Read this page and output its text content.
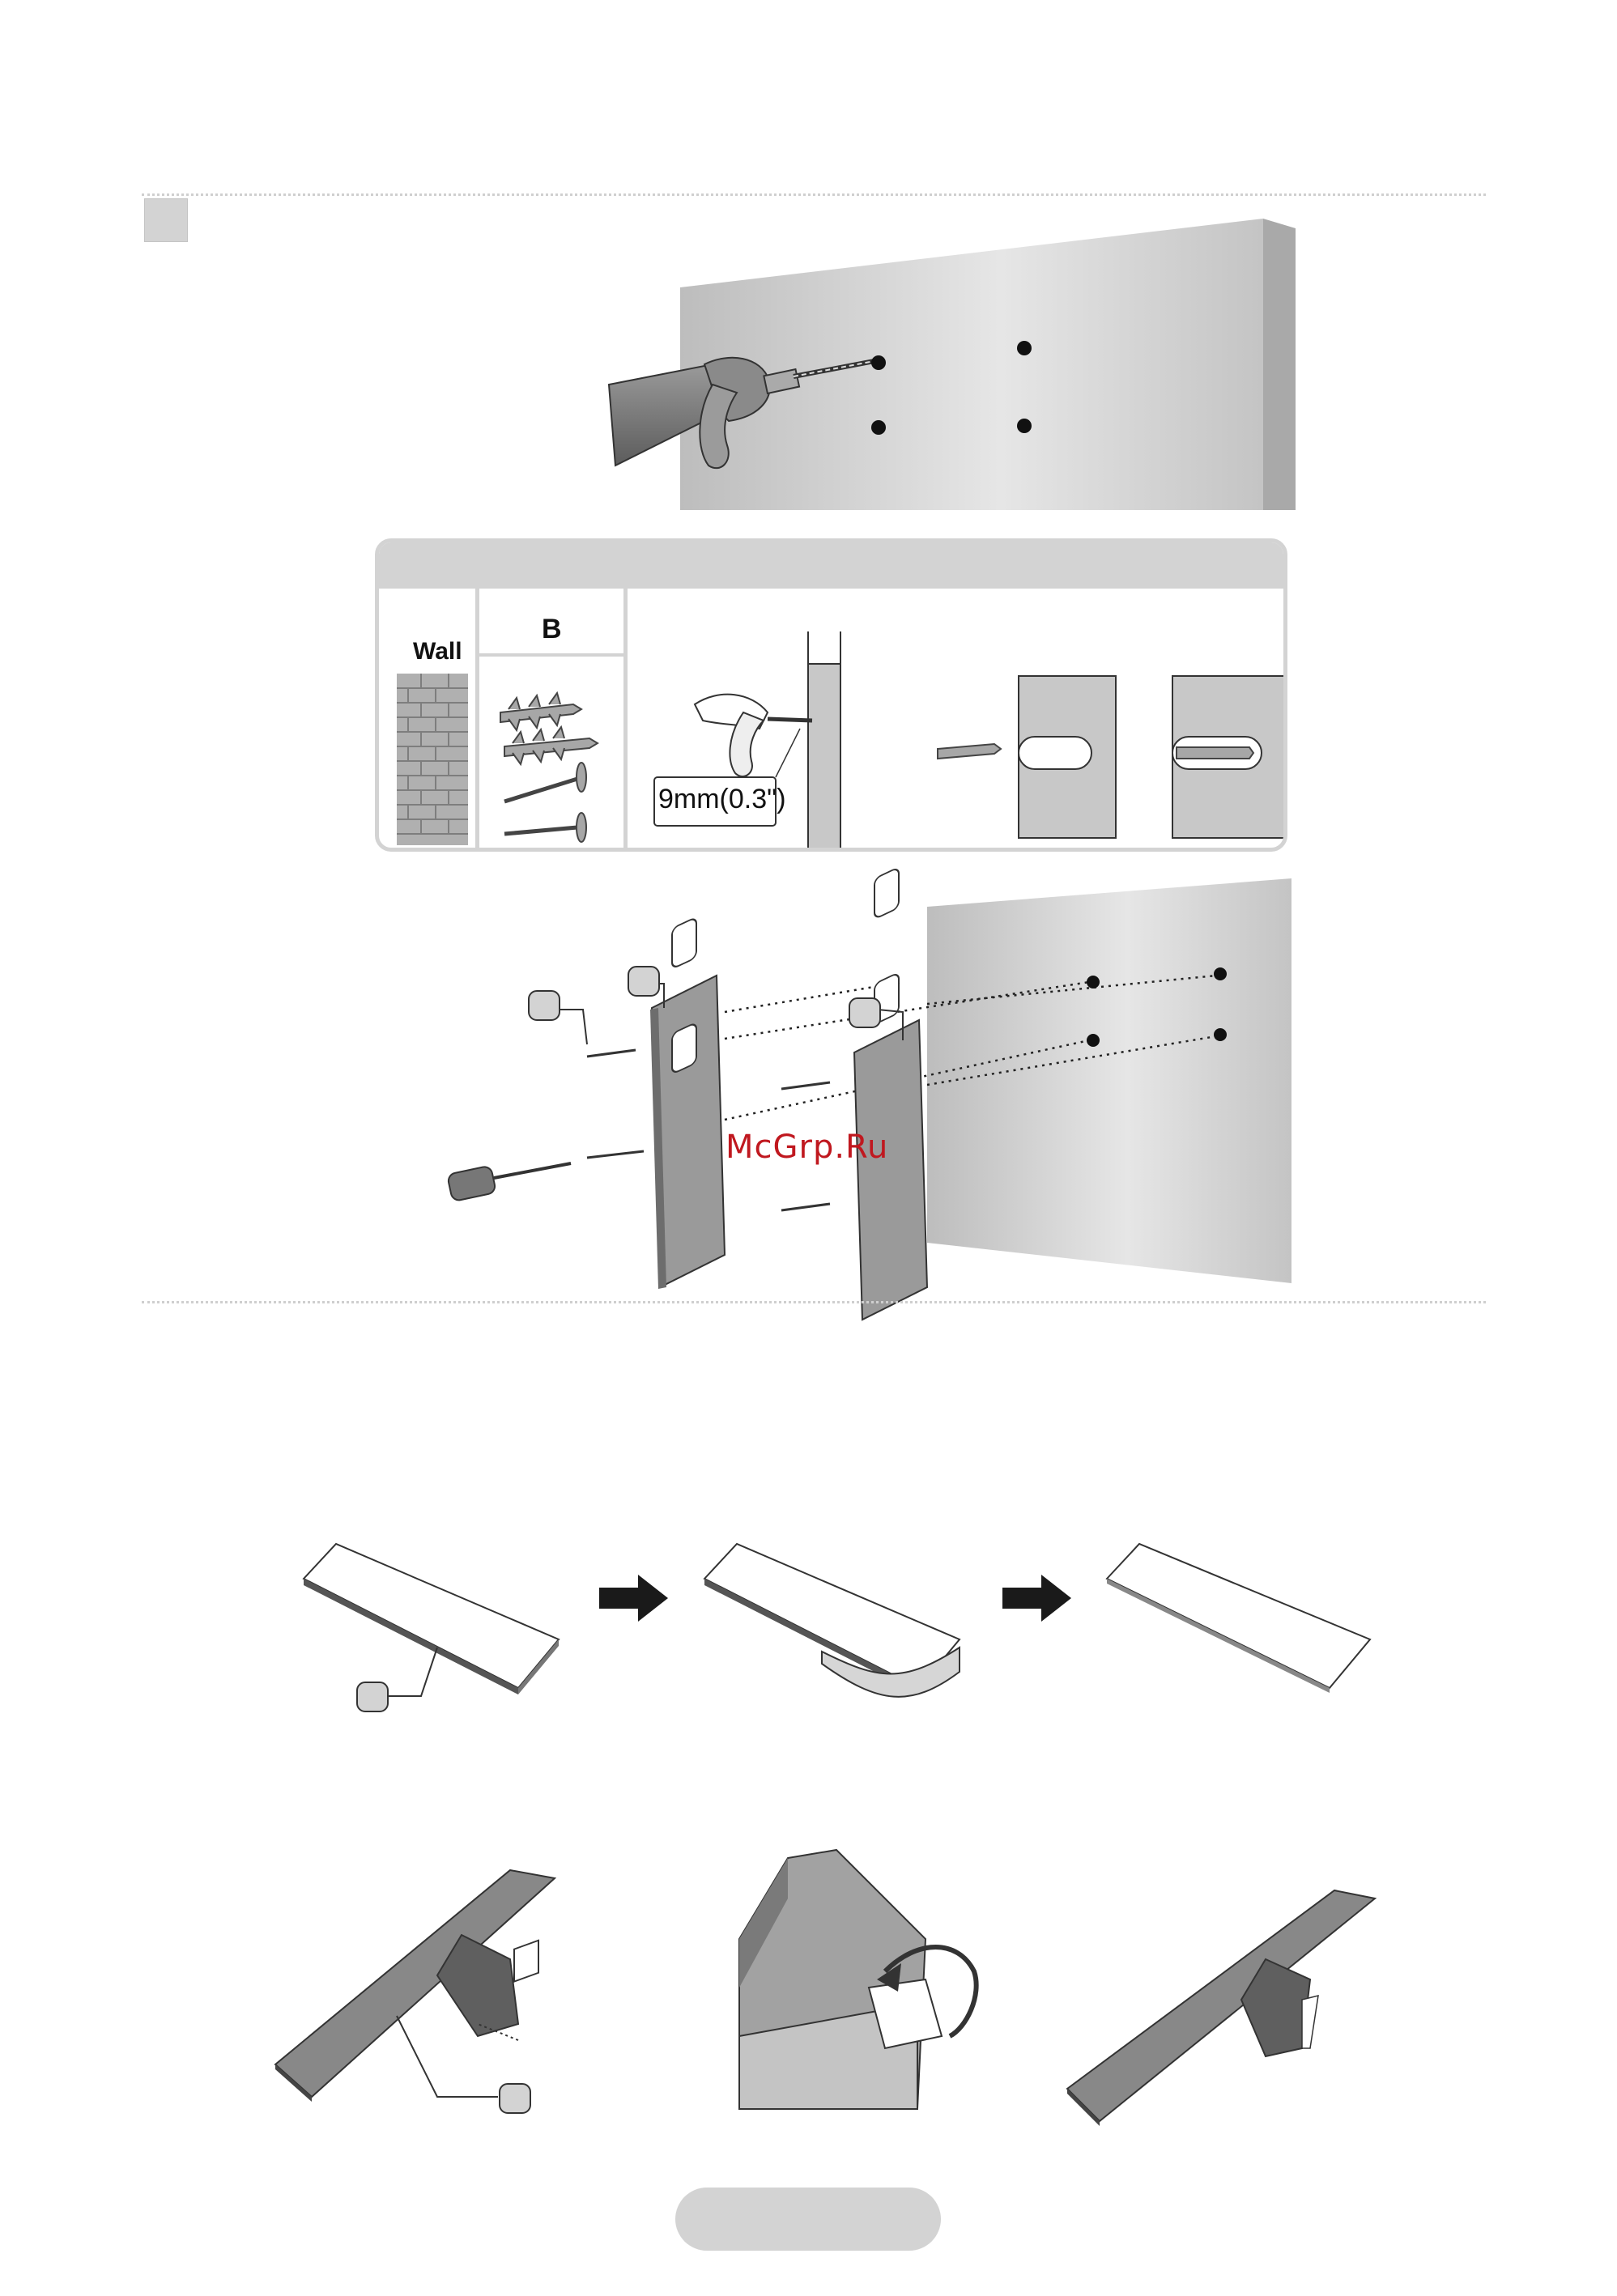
Wall
B
9mm(0.3")
McGrp.Ru
